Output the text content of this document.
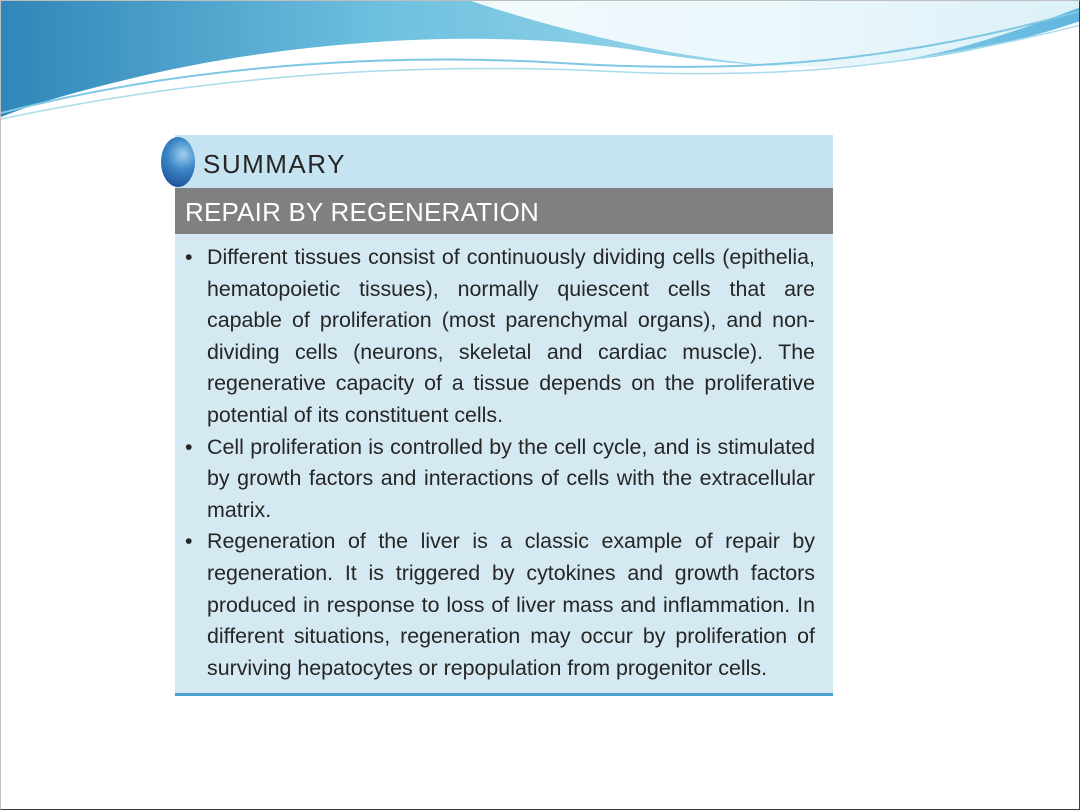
SUMMARY
REPAIR BY REGENERATION
• Different tissues consist of continuously dividing cells (epithelia, hematopoietic tissues), normally quiescent cells that are capable of proliferation (most parenchymal organs), and non-dividing cells (neurons, skeletal and cardiac muscle). The regenerative capacity of a tissue depends on the proliferative potential of its constituent cells.
• Cell proliferation is controlled by the cell cycle, and is stimulated by growth factors and interactions of cells with the extracellular matrix.
• Regeneration of the liver is a classic example of repair by regeneration. It is triggered by cytokines and growth factors produced in response to loss of liver mass and inflammation. In different situations, regeneration may occur by proliferation of surviving hepatocytes or repopulation from progenitor cells.
